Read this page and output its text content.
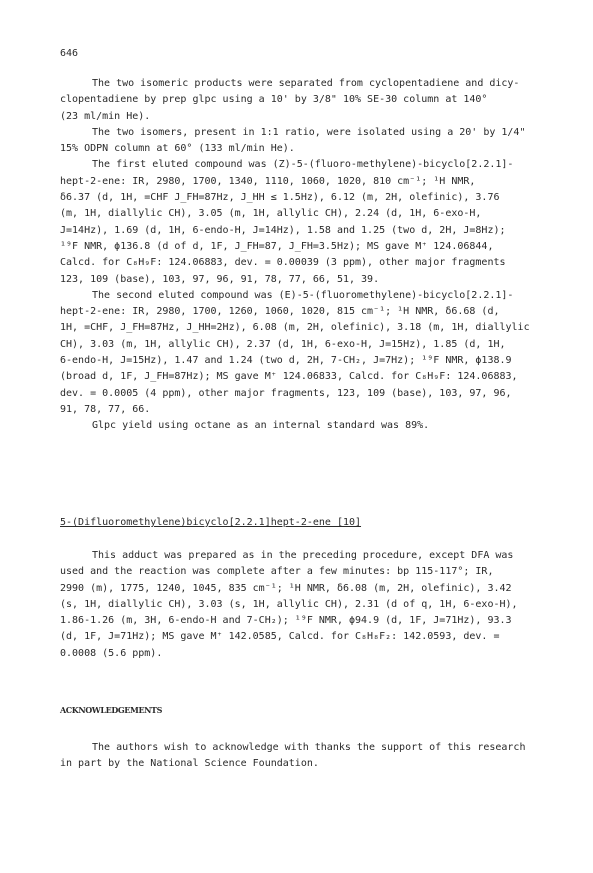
646
The two isomeric products were separated from cyclopentadiene and dicy-
clopentadiene by prep glpc using a 10' by 3/8" 10% SE-30 column at 140°
(23 ml/min He).
The two isomers, present in 1:1 ratio, were isolated using a 20' by 1/4"
15% ODPN column at 60° (133 ml/min He).
The first eluted compound was (Z)-5-(fluoro-methylene)-bicyclo[2.2.1]-
hept-2-ene: IR, 2980, 1700, 1340, 1110, 1060, 1020, 810 cm⁻¹; ¹H NMR,
δ6.37 (d, 1H, =CHF J_FH=87Hz, J_HH ≤ 1.5Hz), 6.12 (m, 2H, olefinic), 3.76
(m, 1H, diallylic CH), 3.05 (m, 1H, allylic CH), 2.24 (d, 1H, 6-exo-H,
J=14Hz), 1.69 (d, 1H, 6-endo-H, J=14Hz), 1.58 and 1.25 (two d, 2H, J=8Hz);
¹⁹F NMR, ϕ136.8 (d of d, 1F, J_FH=87, J_FH=3.5Hz); MS gave M⁺ 124.06844,
Calcd. for C₈H₉F: 124.06883, dev. = 0.00039 (3 ppm), other major fragments
123, 109 (base), 103, 97, 96, 91, 78, 77, 66, 51, 39.
The second eluted compound was (E)-5-(fluoromethylene)-bicyclo[2.2.1]-
hept-2-ene: IR, 2980, 1700, 1260, 1060, 1020, 815 cm⁻¹; ¹H NMR, δ6.68 (d,
1H, =CHF, J_FH=87Hz, J_HH=2Hz), 6.08 (m, 2H, olefinic), 3.18 (m, 1H, diallylic
CH), 3.03 (m, 1H, allylic CH), 2.37 (d, 1H, 6-exo-H, J=15Hz), 1.85 (d, 1H,
6-endo-H, J=15Hz), 1.47 and 1.24 (two d, 2H, 7-CH₂, J=7Hz); ¹⁹F NMR, ϕ138.9
(broad d, 1F, J_FH=87Hz); MS gave M⁺ 124.06833, Calcd. for C₈H₉F: 124.06883,
dev. = 0.0005 (4 ppm), other major fragments, 123, 109 (base), 103, 97, 96,
91, 78, 77, 66.
Glpc yield using octane as an internal standard was 89%.
5-(Difluoromethylene)bicyclo[2.2.1]hept-2-ene [10]
This adduct was prepared as in the preceding procedure, except DFA was
used and the reaction was complete after a few minutes: bp 115-117°; IR,
2990 (m), 1775, 1240, 1045, 835 cm⁻¹; ¹H NMR, δ6.08 (m, 2H, olefinic), 3.42
(s, 1H, diallylic CH), 3.03 (s, 1H, allylic CH), 2.31 (d of q, 1H, 6-exo-H),
1.86-1.26 (m, 3H, 6-endo-H and 7-CH₂); ¹⁹F NMR, ϕ94.9 (d, 1F, J=71Hz), 93.3
(d, 1F, J=71Hz); MS gave M⁺ 142.0585, Calcd. for C₈H₈F₂: 142.0593, dev. =
0.0008 (5.6 ppm).
ACKNOWLEDGEMENTS
The authors wish to acknowledge with thanks the support of this research
in part by the National Science Foundation.
